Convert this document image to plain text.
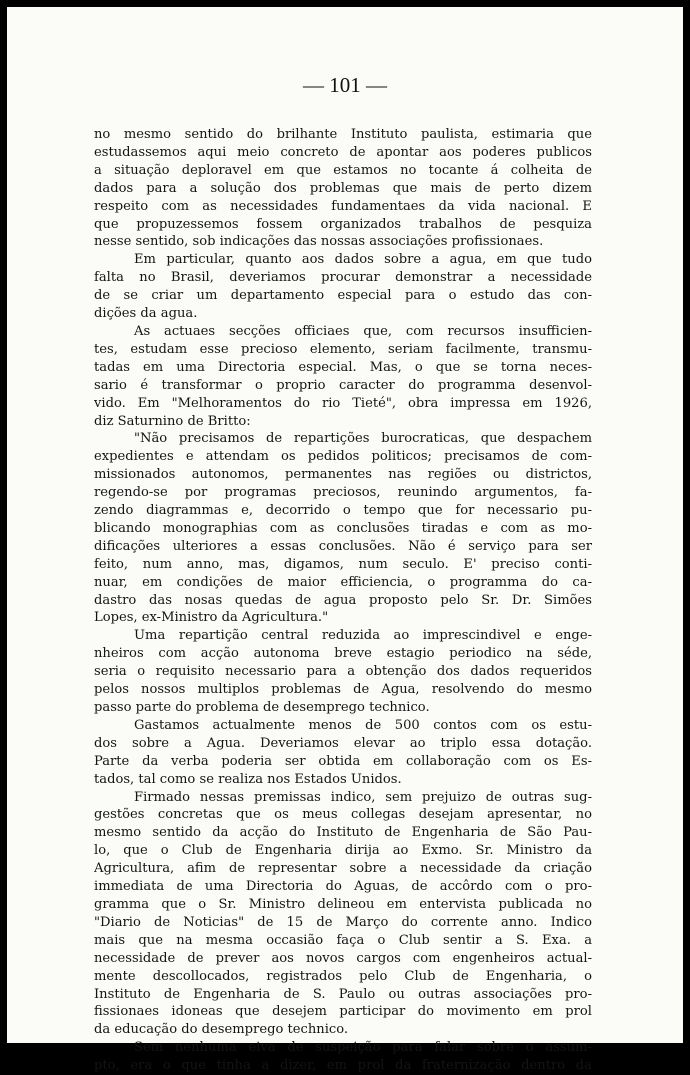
— 101 —
no mesmo sentido do brilhante Instituto paulista, estimaria que
estudassemos aqui meio concreto de apontar aos poderes publicos
a situação deploravel em que estamos no tocante á colheita de
dados para a solução dos problemas que mais de perto dizem
respeito com as necessidades fundamentaes da vida nacional. E
que propuzessemos fossem organizados trabalhos de pesquiza
nesse sentido, sob indicações das nossas associações profissionaes.
Em particular, quanto aos dados sobre a agua, em que tudo
falta no Brasil, deveriamos procurar demonstrar a necessidade
de se criar um departamento especial para o estudo das con-
dições da agua.
As actuaes secções officiaes que, com recursos insufficien-
tes, estudam esse precioso elemento, seriam facilmente, transmu-
tadas em uma Directoria especial. Mas, o que se torna neces-
sario é transformar o proprio caracter do programma desenvol-
vido. Em "Melhoramentos do rio Tieté", obra impressa em 1926,
diz Saturnino de Britto:
"Não precisamos de repartições burocraticas, que despachem
expedientes e attendam os pedidos politicos; precisamos de com-
missionados autonomos, permanentes nas regiões ou districtos,
regendo-se por programas preciosos, reunindo argumentos, fa-
zendo diagrammas e, decorrido o tempo que for necessario pu-
blicando monographias com as conclusões tiradas e com as mo-
dificações ulteriores a essas conclusões. Não é serviço para ser
feito, num anno, mas, digamos, num seculo. E' preciso conti-
nuar, em condições de maior efficiencia, o programma do ca-
dastro das nosas quedas de agua proposto pelo Sr. Dr. Simões
Lopes, ex-Ministro da Agricultura."
Uma repartição central reduzida ao imprescindivel e enge-
nheiros com acção autonoma breve estagio periodico na séde,
seria o requisito necessario para a obtenção dos dados requeridos
pelos nossos multiplos problemas de Agua, resolvendo do mesmo
passo parte do problema de desemprego technico.
Gastamos actualmente menos de 500 contos com os estu-
dos sobre a Agua. Deveriamos elevar ao triplo essa dotação.
Parte da verba poderia ser obtida em collaboração com os Es-
tados, tal como se realiza nos Estados Unidos.
Firmado nessas premissas indico, sem prejuizo de outras sug-
gestões concretas que os meus collegas desejam apresentar, no
mesmo sentido da acção do Instituto de Engenharia de São Pau-
lo, que o Club de Engenharia dirija ao Exmo. Sr. Ministro da
Agricultura, afim de representar sobre a necessidade da criação
immediata de uma Directoria do Aguas, de accôrdo com o pro-
gramma que o Sr. Ministro delineou em entervista publicada no
"Diario de Noticias" de 15 de Março do corrente anno. Indico
mais que na mesma occasião faça o Club sentir a S. Exa. a
necessidade de prever aos novos cargos com engenheiros actual-
mente descollocados, registrados pelo Club de Engenharia, o
Instituto de Engenharia de S. Paulo ou outras associações pro-
fissionaes idoneas que desejem participar do movimento em prol
da educação do desemprego technico.
Sem nenhuma eiva de suspeição para falar sobre o assum-
pto, era o que tinha a dizer, em prol da fraternização dentro da
